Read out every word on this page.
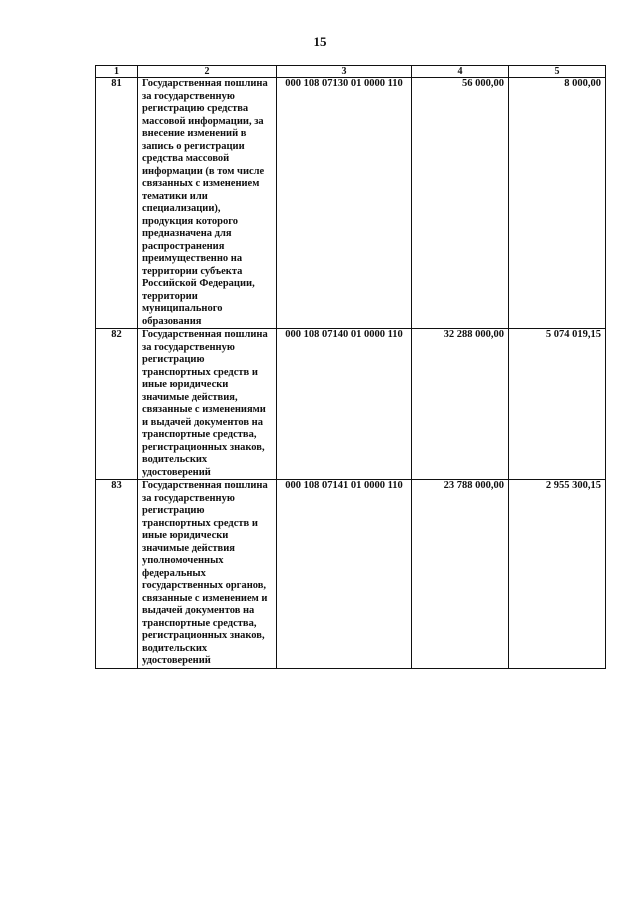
15
1	2	3	4	5
81	Государственная пошлина за государственную регистрацию средства массовой информации, за внесение изменений в запись о регистрации средства массовой информации (в том числе связанных с изменением тематики или специализации), продукция которого предназначена для распространения преимущественно на территории субъекта Российской Федерации, территории муниципального образования	000 108 07130 01 0000 110	56 000,00	8 000,00
82	Государственная пошлина за государственную регистрацию транспортных средств и иные юридически значимые действия, связанные с изменениями и выдачей документов на транспортные средства, регистрационных знаков, водительских удостоверений	000 108 07140 01 0000 110	32 288 000,00	5 074 019,15
83	Государственная пошлина за государственную регистрацию транспортных средств и иные юридически значимые действия уполномоченных федеральных государственных органов, связанные с изменением и выдачей документов на транспортные средства, регистрационных знаков, водительских удостоверений	000 108 07141 01 0000 110	23 788 000,00	2 955 300,15
